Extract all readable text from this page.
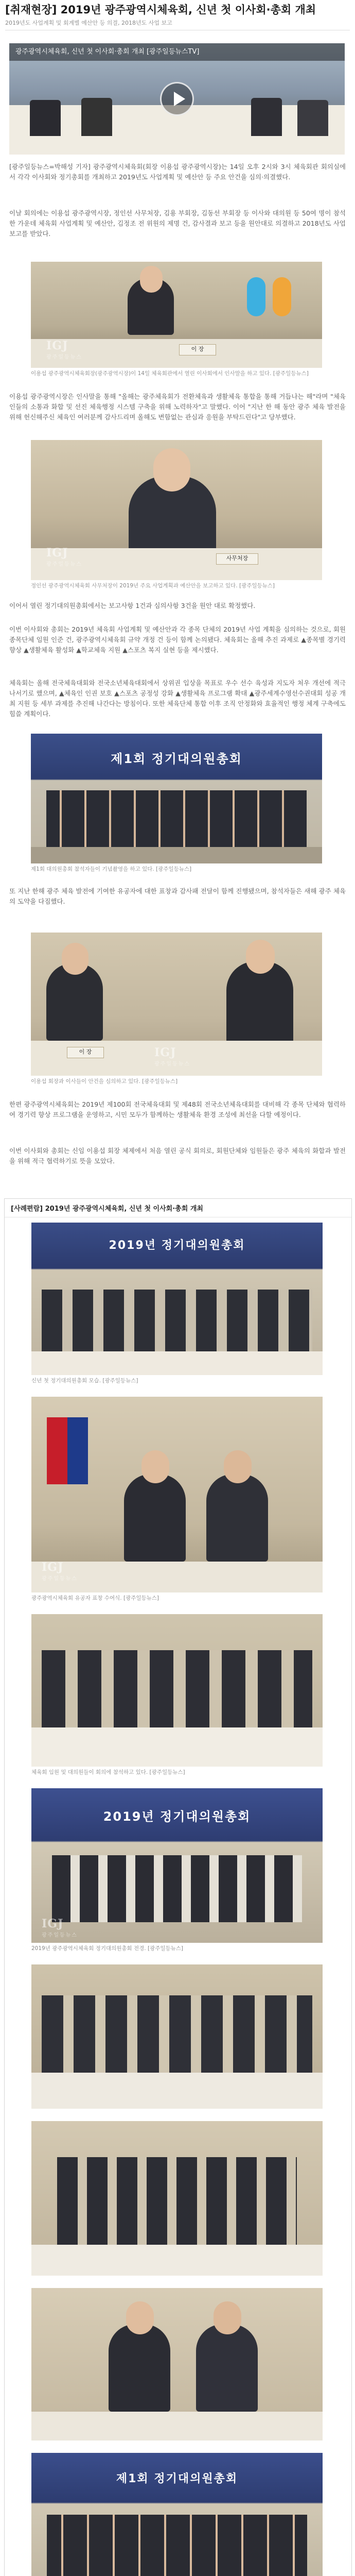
[취재현장] 2019년 광주광역시체육회, 신년 첫 이사회·총회 개최
2019년도 사업계획 및 회계별 예산안 등 의결, 2018년도 사업 보고
광주광역시체육회, 신년 첫 이사회·총회 개최 [광주일등뉴스TV]

[광주일등뉴스=박해성 기자] 광주광역시체육회(회장 이용섭 광주광역시장)는 14일 오후 2시와 3시 체육회관 회의실에서 각각 이사회와 정기총회를 개최하고 2019년도 사업계획 및 예산안 등 주요 안건을 심의·의결했다.

이날 회의에는 이용섭 광주광역시장, 정인선 사무처장, 김용 부회장, 김동선 부회장 등 이사와 대의원 등 50여 명이 참석한 가운데 체육회 사업계획 및 예산안, 김정조 전 위원의 제명 건, 감사결과 보고 등을 원안대로 의결하고 2018년도 사업보고를 받았다.

이 장
IGJ
광주일등뉴스
이용섭 광주광역시체육회장(광주광역시장)이 14일 체육회관에서 열린 이사회에서 인사말을 하고 있다. [광주일등뉴스]

이용섭 광주광역시장은 인사말을 통해 "올해는 광주체육회가 전환체육과 생활체육 통합을 통해 거듭나는 해"라며 "체육인들의 소통과 화합 및 선진 체육행정 시스템 구축을 위해 노력하자"고 말했다. 이어 "지난 한 해 동안 광주 체육 발전을 위해 헌신해주신 체육인 여러분께 감사드리며 올해도 변함없는 관심과 응원을 부탁드린다"고 당부했다.

사무처장
IGJ
광주일등뉴스
정인선 광주광역시체육회 사무처장이 2019년 주요 사업계획과 예산안을 보고하고 있다. [광주일등뉴스]

이어서 열린 정기대의원총회에서는 보고사항 1건과 심의사항 3건을 원안 대로 확정했다.

이번 이사회와 총회는 2019년 체육회 사업계획 및 예산안과 각 종목 단체의 2019년 사업 계획을 심의하는 것으로, 회원종목단체 임원 인준 건, 광주광역시체육회 규약 개정 건 등이 함께 논의됐다. 체육회는 올해 추진 과제로 ▲종목별 경기력 향상 ▲생활체육 활성화 ▲학교체육 지원 ▲스포츠 복지 실현 등을 제시했다.

체육회는 올해 전국체육대회와 전국소년체육대회에서 상위권 입상을 목표로 우수 선수 육성과 지도자 처우 개선에 적극 나서기로 했으며, ▲체육인 인권 보호 ▲스포츠 공정성 강화 ▲생활체육 프로그램 확대 ▲광주세계수영선수권대회 성공 개최 지원 등 세부 과제를 추진해 나간다는 방침이다. 또한 체육단체 통합 이후 조직 안정화와 효율적인 행정 체계 구축에도 힘쓸 계획이다.

제1회 정기대의원총회
제1회 대의원총회 참석자들이 기념촬영을 하고 있다. [광주일등뉴스]

또 지난 한해 광주 체육 발전에 기여한 유공자에 대한 표창과 감사패 전달이 함께 진행됐으며, 참석자들은 새해 광주 체육의 도약을 다짐했다.

이 장	IGJ
광주일등뉴스
이용섭 회장과 이사들이 안건을 심의하고 있다. [광주일등뉴스]

한편 광주광역시체육회는 2019년 제100회 전국체육대회 및 제48회 전국소년체육대회를 대비해 각 종목 단체와 협력하여 경기력 향상 프로그램을 운영하고, 시민 모두가 함께하는 생활체육 환경 조성에 최선을 다할 예정이다.

이번 이사회와 총회는 신임 이용섭 회장 체제에서 처음 열린 공식 회의로, 회원단체와 임원들은 광주 체육의 화합과 발전을 위해 적극 협력하기로 뜻을 모았다.

[사례편람] 2019년 광주광역시체육회, 신년 첫 이사회·총회 개최
2019년 정기대의원총회
신년 첫 정기대의원총회 모습. [광주일등뉴스]
IGJ
광주일등뉴스
광주광역시체육회 유공자 표창 수여식. [광주일등뉴스]
체육회 임원 및 대의원들이 회의에 참석하고 있다. [광주일등뉴스]
2019년 정기대의원총회
IGJ
광주일등뉴스
2019년 광주광역시체육회 정기대의원총회 전경. [광주일등뉴스]
제1회 정기대의원총회
